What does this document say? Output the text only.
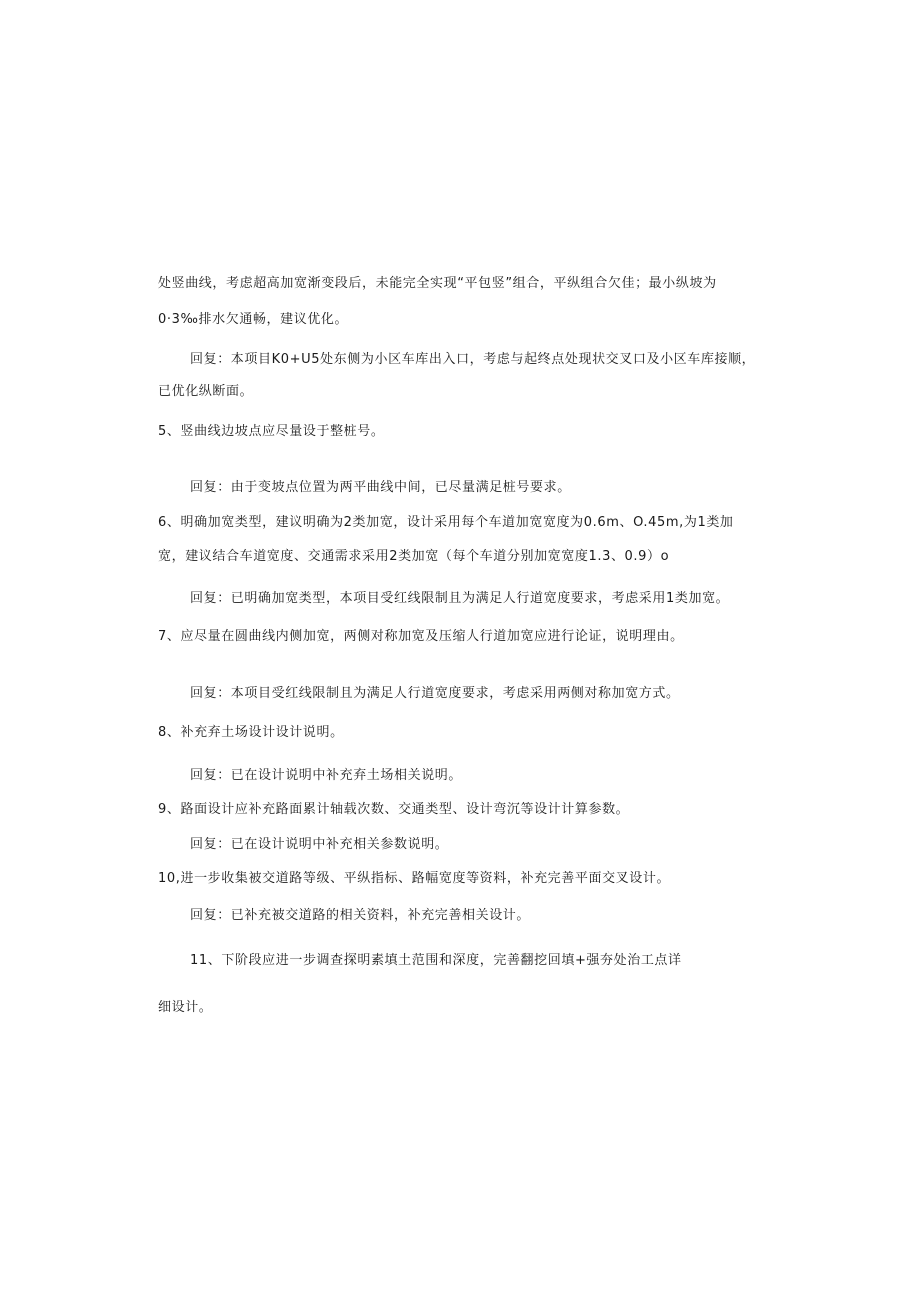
处竖曲线，考虑超高加宽渐变段后，未能完全实现“平包竖”组合，平纵组合欠佳；最小纵坡为
0·3‰排水欠通畅，建议优化。
回复：本项目K0+U5处东侧为小区车库出入口，考虑与起终点处现状交叉口及小区车库接顺，
已优化纵断面。
5、竖曲线边坡点应尽量设于整桩号。
回复：由于变坡点位置为两平曲线中间，已尽量满足桩号要求。
6、明确加宽类型，建议明确为2类加宽，设计采用每个车道加宽宽度为0.6m、O.45m,为1类加
宽，建议结合车道宽度、交通需求采用2类加宽（每个车道分别加宽宽度1.3、0.9）o
回复：已明确加宽类型，本项目受红线限制且为满足人行道宽度要求，考虑采用1类加宽。
7、应尽量在圆曲线内侧加宽，两侧对称加宽及压缩人行道加宽应进行论证，说明理由。
回复：本项目受红线限制且为满足人行道宽度要求，考虑采用两侧对称加宽方式。
8、补充弃土场设计设计说明。
回复：已在设计说明中补充弃土场相关说明。
9、路面设计应补充路面累计轴载次数、交通类型、设计弯沉等设计计算参数。
回复：已在设计说明中补充相关参数说明。
10,进一步收集被交道路等级、平纵指标、路幅宽度等资料，补充完善平面交叉设计。
回复：已补充被交道路的相关资料，补充完善相关设计。
11、下阶段应进一步调查探明素填土范围和深度，完善翻挖回填+强夯处治工点详
细设计。
